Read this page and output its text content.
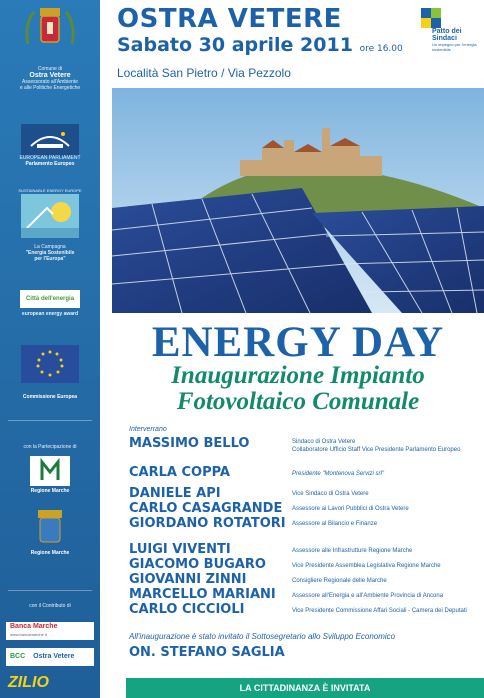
Comune di
Ostra Vetere
Assessorato all'Ambiente
e alle Politiche Energetiche
EUROPEAN PARLIAMENT
Parlamento Europeo
SUSTAINABLE ENERGY EUROPE
La Campagna
"Energia Sostenibile
per l'Europa"
Città dell'energia
european energy award
Commissione Europea
con la Partecipazione di
Regione Marche
Regione Marche
con il Contributo di
Banca Marche
www.bancamarche.it
BCC Ostra Vetere
ZILIO
OSTRA VETERE
Sabato 30 aprile 2011 ore 16.00
Località San Pietro / Via Pezzolo
Patto dei
Sindaci
Un impegno per l'energia sostenibile
ENERGY DAY
Inaugurazione Impianto
Fotovoltaico Comunale
Interverrano
MASSIMO BELLO	Sindaco di Ostra Vetere
Collaboratore Ufficio Staff Vice Presidente Parlamento Europeo
CARLA COPPA	Presidente "Montenova Servizi srl"
DANIELE API	Vice Sindaco di Ostra Vetere
CARLO CASAGRANDE Assessore ai Lavori Pubblici di Ostra Vetere
GIORDANO ROTATORI Assessore al Bilancio e Finanze
LUIGI VIVENTI	Assessore alle Infrastrutture Regione Marche
GIACOMO BUGARO	Vice Presidente Assemblea Legislativa Regione Marche
GIOVANNI ZINNI	Consigliere Regionale delle Marche
MARCELLO MARIANI	Assessore all'Energia e all'Ambiente Provincia di Ancona
CARLO CICCIOLI	Vice Presidente Commissione Affari Sociali - Camera dei Deputati
All'inaugurazione è stato invitato il Sottosegretario allo Sviluppo Economico
ON. STEFANO SAGLIA
LA CITTADINANZA È INVITATA
